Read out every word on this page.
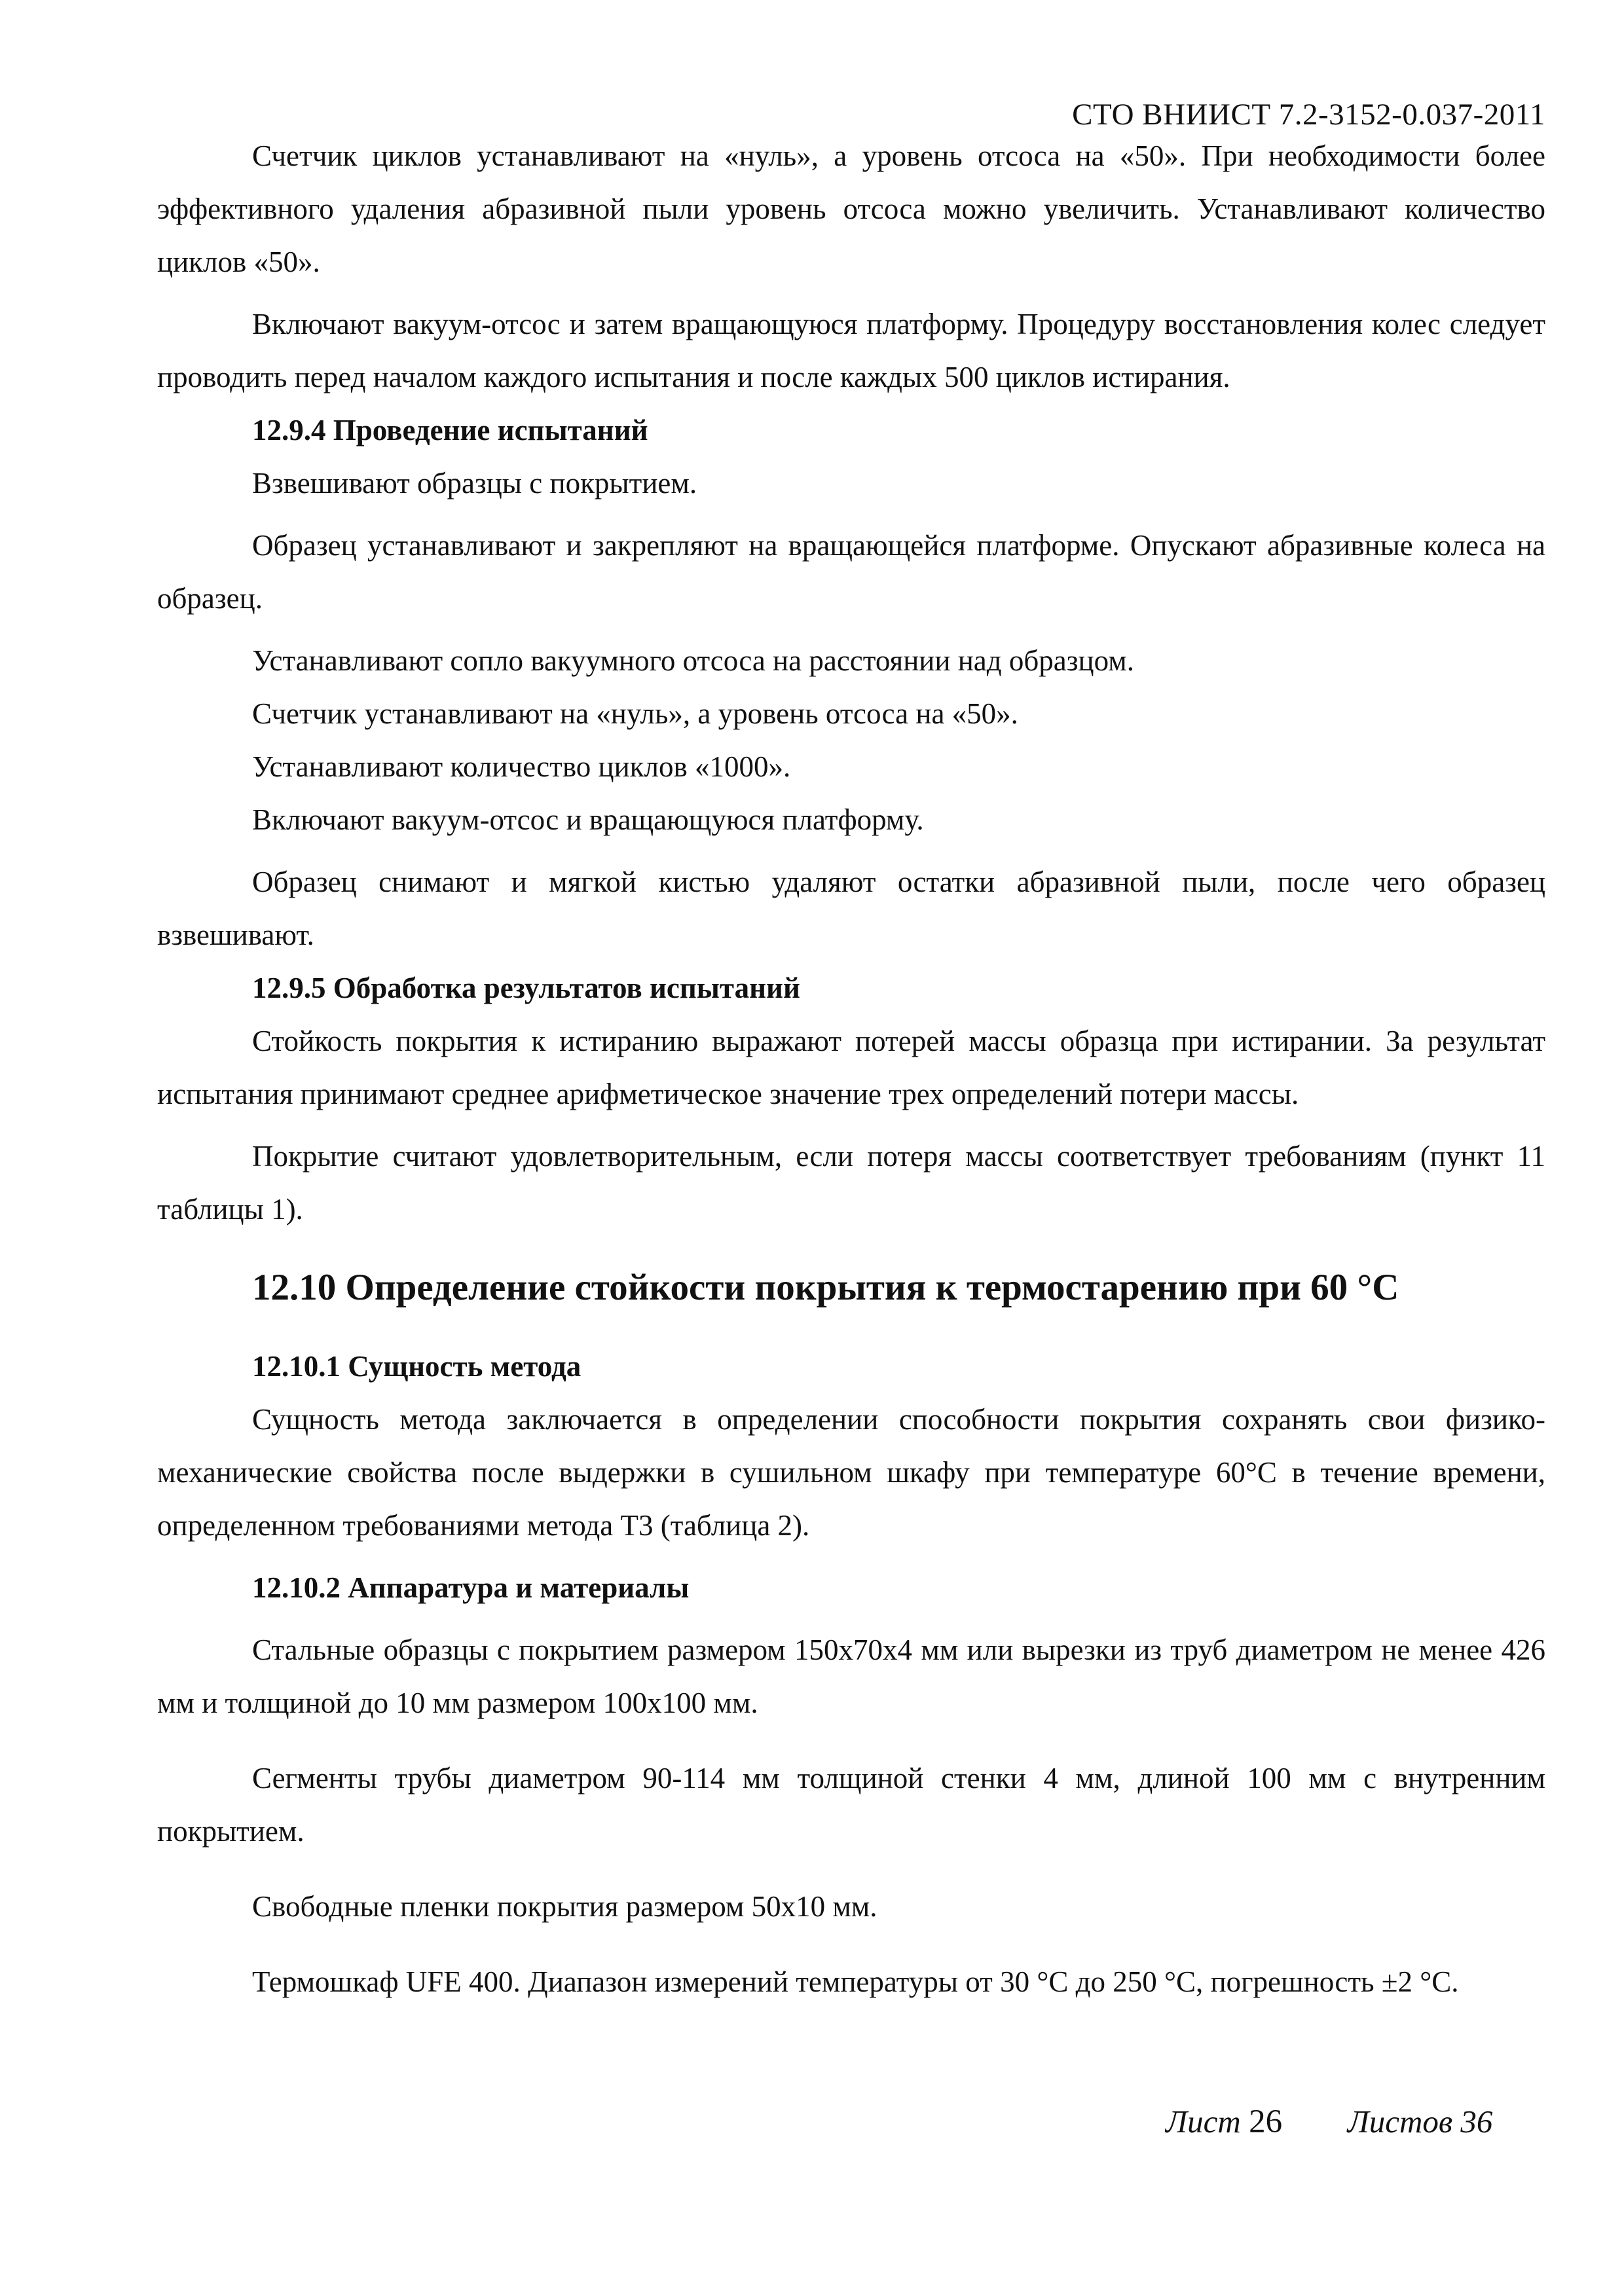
СТО ВНИИСТ 7.2-3152-0.037-2011

Счетчик циклов устанавливают на «нуль», а уровень отсоса на «50». При необходимости более эффективного удаления абразивной пыли уровень отсоса можно увеличить. Устанавливают количество циклов «50».

Включают вакуум-отсос и затем вращающуюся платформу. Процедуру восстановления колес следует проводить перед началом каждого испытания и после каждых 500 циклов истирания.

12.9.4 Проведение испытаний

Взвешивают образцы с покрытием.

Образец устанавливают и закрепляют на вращающейся платформе. Опускают абразивные колеса на образец.

Устанавливают сопло вакуумного отсоса на расстоянии над образцом.

Счетчик устанавливают на «нуль», а уровень отсоса на «50».

Устанавливают количество циклов «1000».

Включают вакуум-отсос и вращающуюся платформу.

Образец снимают и мягкой кистью удаляют остатки абразивной пыли, после чего образец взвешивают.

12.9.5 Обработка результатов испытаний

Стойкость покрытия к истиранию выражают потерей массы образца при истирании. За результат испытания принимают среднее арифметическое значение трех определений потери массы.

Покрытие считают удовлетворительным, если потеря массы соответствует требованиям (пункт 11 таблицы 1).

12.10 Определение стойкости покрытия к термостарению при 60 °С
12.10.1 Сущность метода

Сущность метода заключается в определении способности покрытия сохранять свои физико-механические свойства после выдержки в сушильном шкафу при температуре 60°С в течение времени, определенном требованиями метода Т3 (таблица 2).

12.10.2 Аппаратура и материалы

Стальные образцы с покрытием размером 150х70х4 мм или вырезки из труб диаметром не менее 426 мм и толщиной до 10 мм размером 100х100 мм.

Сегменты трубы диаметром 90-114 мм толщиной стенки 4 мм, длиной 100 мм с внутренним покрытием.

Свободные пленки покрытия размером 50х10 мм.

Термошкаф UFE 400. Диапазон измерений температуры от 30 °С до 250 °С, погрешность ±2 °С.

Лист 26 Листов 36
